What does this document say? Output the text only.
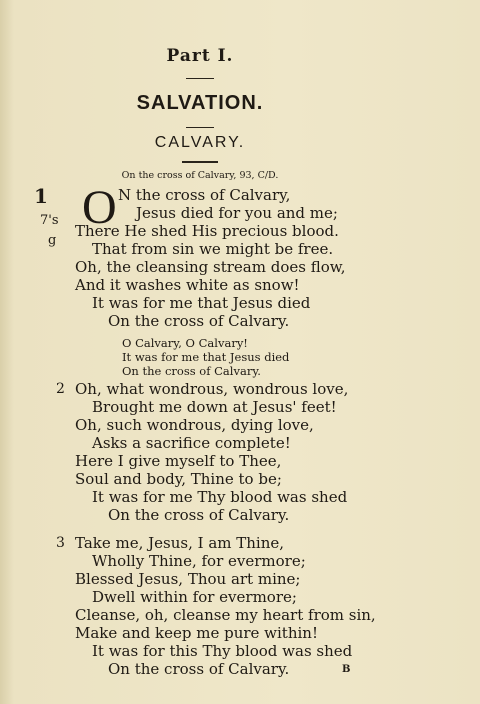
Part I.
SALVATION.
CALVARY.
On the cross of Calvary, 93, C/D.
1
7's
g
O N the cross of Calvary,
Jesus died for you and me;
There He shed His precious blood.
That from sin we might be free.
Oh, the cleansing stream does flow,
And it washes white as snow!
It was for me that Jesus died
On the cross of Calvary.
O Calvary, O Calvary!
It was for me that Jesus died
On the cross of Calvary.
2 Oh, what wondrous, wondrous love,
Brought me down at Jesus' feet!
Oh, such wondrous, dying love,
Asks a sacrifice complete!
Here I give myself to Thee,
Soul and body, Thine to be;
It was for me Thy blood was shed
On the cross of Calvary.
3 Take me, Jesus, I am Thine,
Wholly Thine, for evermore;
Blessed Jesus, Thou art mine;
Dwell within for evermore;
Cleanse, oh, cleanse my heart from sin,
Make and keep me pure within!
It was for this Thy blood was shed
On the cross of Calvary.	B
